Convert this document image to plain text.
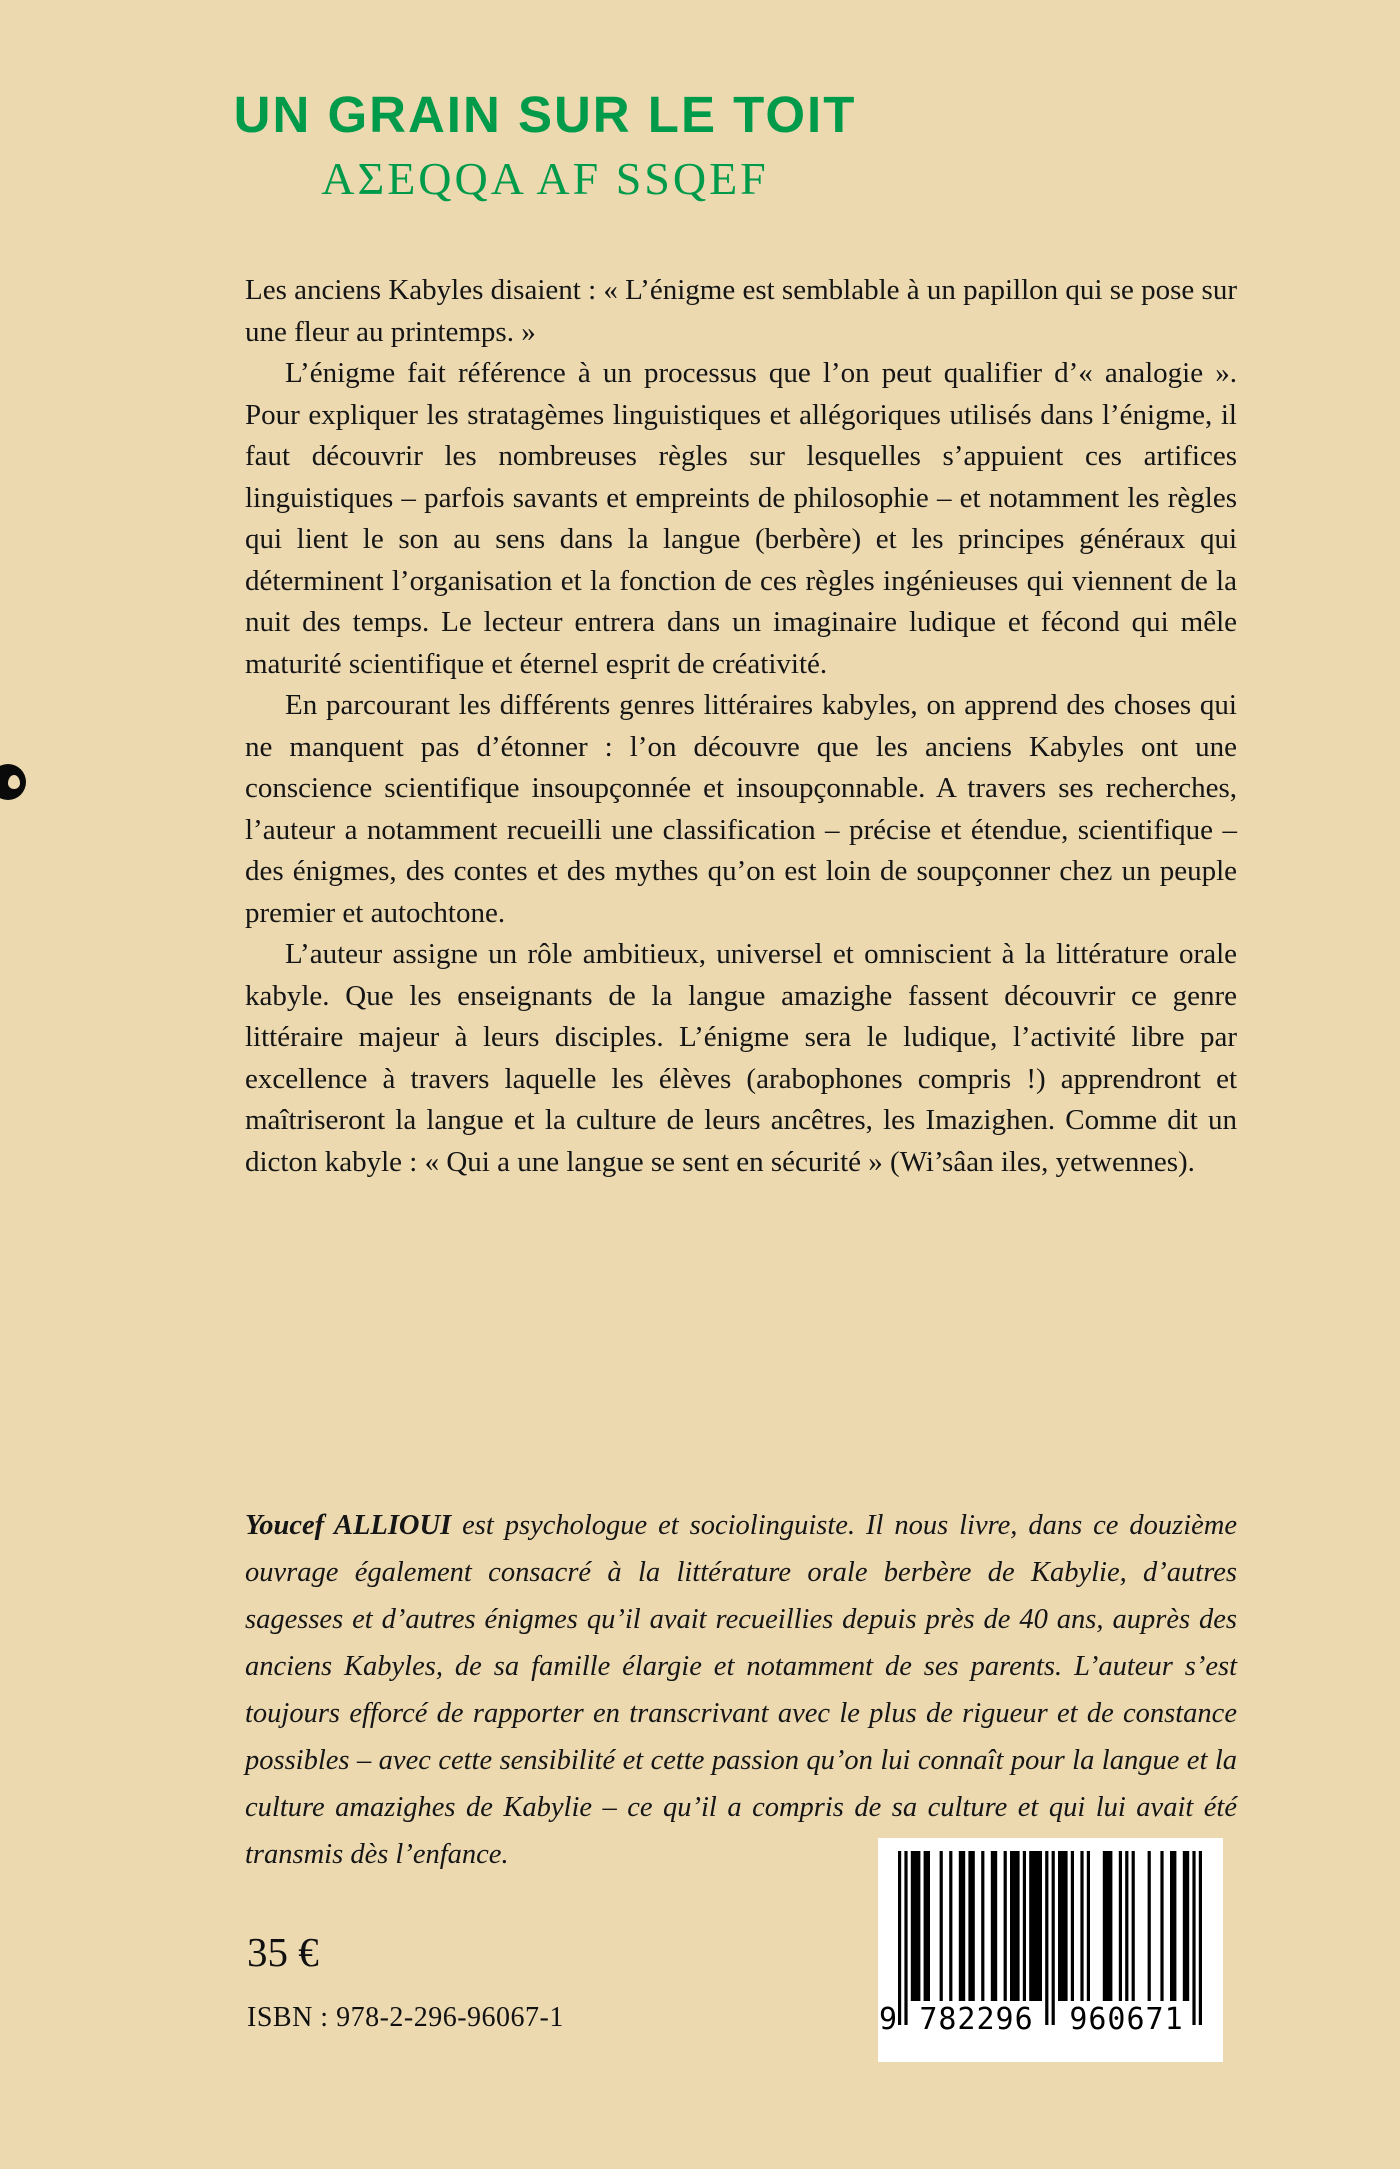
UN GRAIN SUR LE TOIT
AΣEQQA AF SSQEF

Les anciens Kabyles disaient : « L’énigme est semblable à un papillon qui se pose sur une fleur au printemps. »

L’énigme fait référence à un processus que l’on peut qualifier d’« analogie ». Pour expliquer les stratagèmes linguistiques et allégoriques utilisés dans l’énigme, il faut découvrir les nombreuses règles sur lesquelles s’appuient ces artifices linguistiques – parfois savants et empreints de philosophie – et notamment les règles qui lient le son au sens dans la langue (berbère) et les principes généraux qui déterminent l’organisation et la fonction de ces règles ingénieuses qui viennent de la nuit des temps. Le lecteur entrera dans un imaginaire ludique et fécond qui mêle maturité scientifique et éternel esprit de créativité.

En parcourant les différents genres littéraires kabyles, on apprend des choses qui ne manquent pas d’étonner : l’on découvre que les anciens Kabyles ont une conscience scientifique insoupçonnée et insoupçonnable. A travers ses recherches, l’auteur a notamment recueilli une classification – précise et étendue, scientifique – des énigmes, des contes et des mythes qu’on est loin de soupçonner chez un peuple premier et autochtone.

L’auteur assigne un rôle ambitieux, universel et omniscient à la littérature orale kabyle. Que les enseignants de la langue amazighe fassent découvrir ce genre littéraire majeur à leurs disciples. L’énigme sera le ludique, l’activité libre par excellence à travers laquelle les élèves (arabophones compris !) apprendront et maîtriseront la langue et la culture de leurs ancêtres, les Imazighen. Comme dit un dicton kabyle : « Qui a une langue se sent en sécurité » (Wi’sâan iles, yetwennes).

Youcef ALLIOUI est psychologue et sociolinguiste. Il nous livre, dans ce douzième ouvrage également consacré à la littérature orale berbère de Kabylie, d’autres sagesses et d’autres énigmes qu’il avait recueillies depuis près de 40 ans, auprès des anciens Kabyles, de sa famille élargie et notamment de ses parents. L’auteur s’est toujours efforcé de rapporter en transcrivant avec le plus de rigueur et de constance possibles – avec cette sensibilité et cette passion qu’on lui connaît pour la langue et la culture amazighes de Kabylie – ce qu’il a compris de sa culture et qui lui avait été transmis dès l’enfance.
35 €
ISBN : 978-2-296-96067-1	9 782296	960671
